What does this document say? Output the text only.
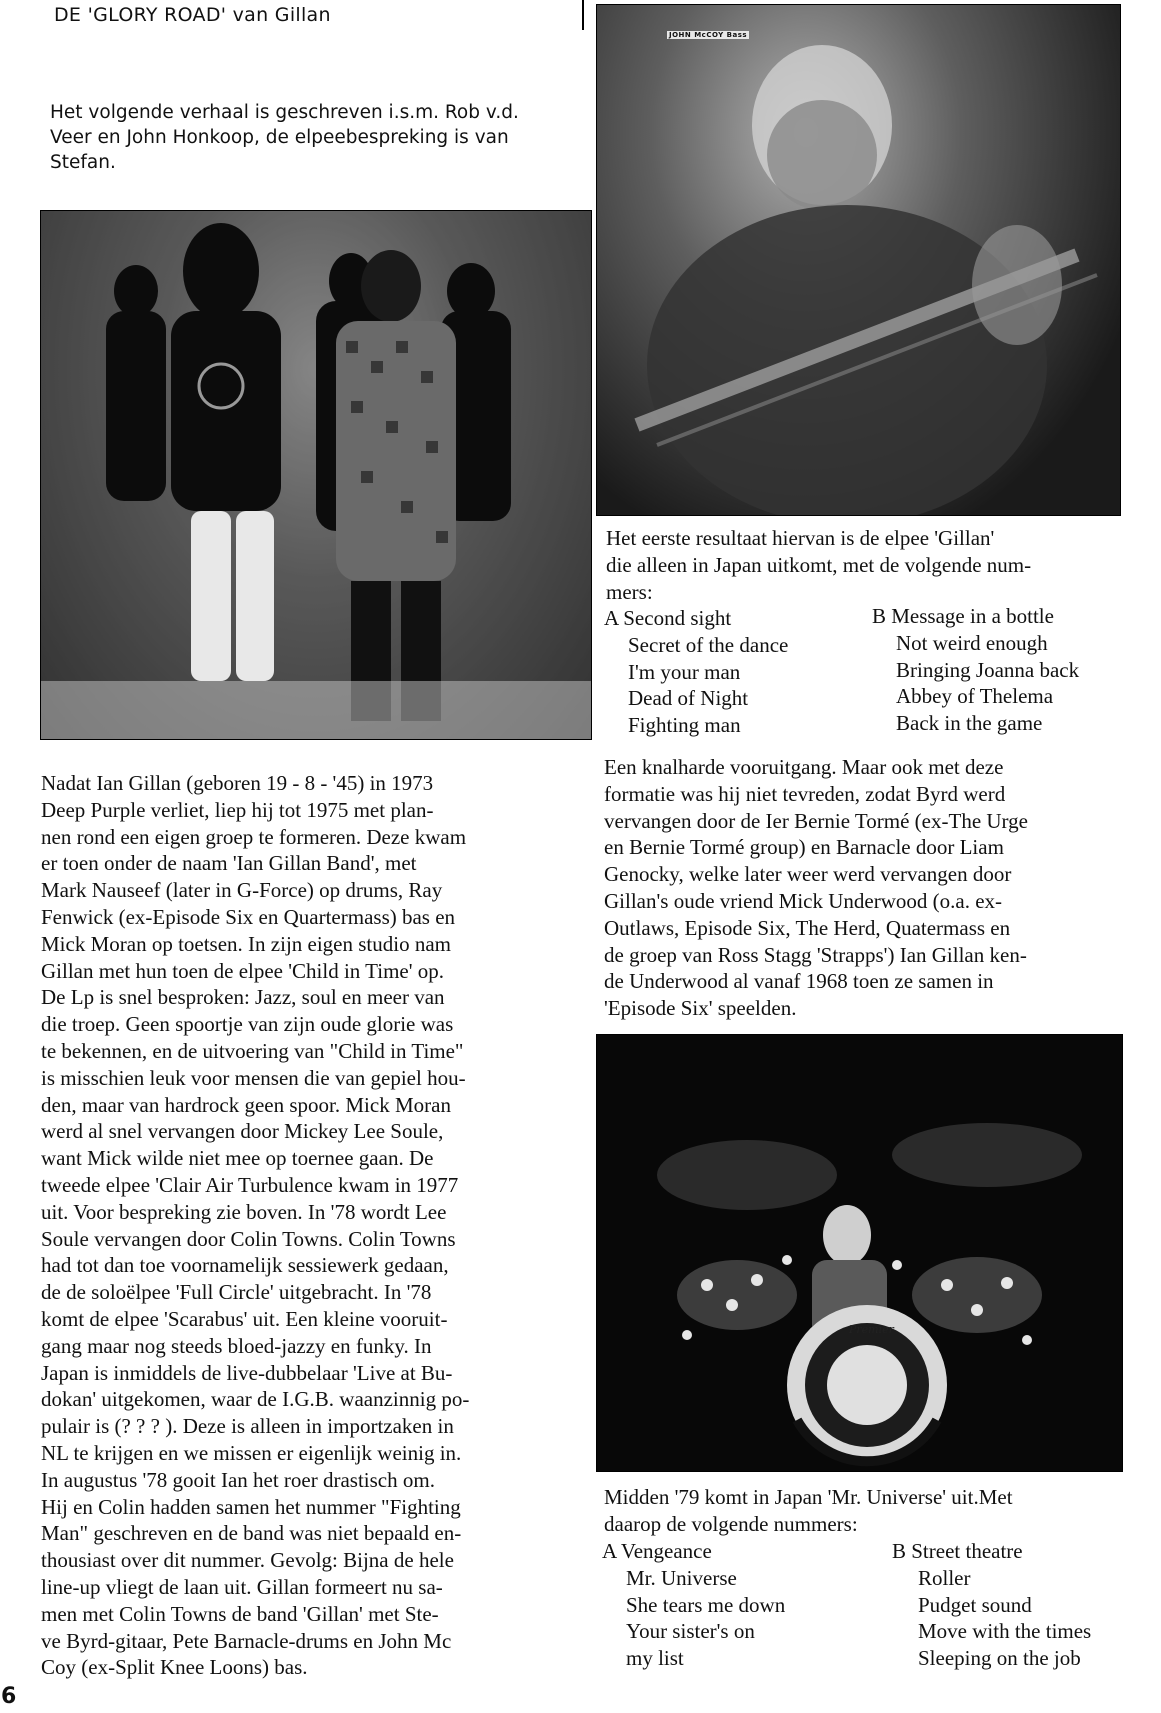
DE 'GLORY ROAD' van Gillan
Het volgende verhaal is geschreven i.s.m. Rob v.d.
Veer en John Honkoop, de elpeebespreking is van
Stefan.
JOHN McCOY Bass
Het eerste resultaat hiervan is de elpee 'Gillan'
die alleen in Japan uitkomt, met de volgende num-
mers:
A Second sight
Secret of the dance
I'm your man
Dead of Night
Fighting man
B Message in a bottle
Not weird enough
Bringing Joanna back
Abbey of Thelema
Back in the game
Een knalharde vooruitgang. Maar ook met deze
formatie was hij niet tevreden, zodat Byrd werd
vervangen door de Ier Bernie Tormé (ex-The Urge
en Bernie Tormé group) en Barnacle door Liam
Genocky, welke later weer werd vervangen door
Gillan's oude vriend Mick Underwood (o.a. ex-
Outlaws, Episode Six, The Herd, Quatermass en
de groep van Ross Stagg 'Strapps') Ian Gillan ken-
de Underwood al vanaf 1968 toen ze samen in
'Episode Six' speelden.
Premier
Midden '79 komt in Japan 'Mr. Universe' uit.Met
daarop de volgende nummers:
A Vengeance
Mr. Universe
She tears me down
Your sister's on
my list
B Street theatre
Roller
Pudget sound
Move with the times
Sleeping on the job
Nadat Ian Gillan (geboren 19 - 8 - '45) in 1973
Deep Purple verliet, liep hij tot 1975 met plan-
nen rond een eigen groep te formeren. Deze kwam
er toen onder de naam 'Ian Gillan Band', met
Mark Nauseef (later in G-Force) op drums, Ray
Fenwick (ex-Episode Six en Quartermass) bas en
Mick Moran op toetsen. In zijn eigen studio nam
Gillan met hun toen de elpee 'Child in Time' op.
De Lp is snel besproken: Jazz, soul en meer van
die troep. Geen spoortje van zijn oude glorie was
te bekennen, en de uitvoering van "Child in Time"
is misschien leuk voor mensen die van gepiel hou-
den, maar van hardrock geen spoor. Mick Moran
werd al snel vervangen door Mickey Lee Soule,
want Mick wilde niet mee op toernee gaan. De
tweede elpee 'Clair Air Turbulence kwam in 1977
uit. Voor bespreking zie boven. In '78 wordt Lee
Soule vervangen door Colin Towns. Colin Towns
had tot dan toe voornamelijk sessiewerk gedaan,
de de soloëlpee 'Full Circle' uitgebracht. In '78
komt de elpee 'Scarabus' uit. Een kleine vooruit-
gang maar nog steeds bloed-jazzy en funky. In
Japan is inmiddels de live-dubbelaar 'Live at Bu-
dokan' uitgekomen, waar de I.G.B. waanzinnig po-
pulair is (? ? ? ). Deze is alleen in importzaken in
NL te krijgen en we missen er eigenlijk weinig in.
In augustus '78 gooit Ian het roer drastisch om.
Hij en Colin hadden samen het nummer "Fighting
Man" geschreven en de band was niet bepaald en-
thousiast over dit nummer. Gevolg: Bijna de hele
line-up vliegt de laan uit. Gillan formeert nu sa-
men met Colin Towns de band 'Gillan' met Ste-
ve Byrd-gitaar, Pete Barnacle-drums en John Mc
Coy (ex-Split Knee Loons) bas.
6
